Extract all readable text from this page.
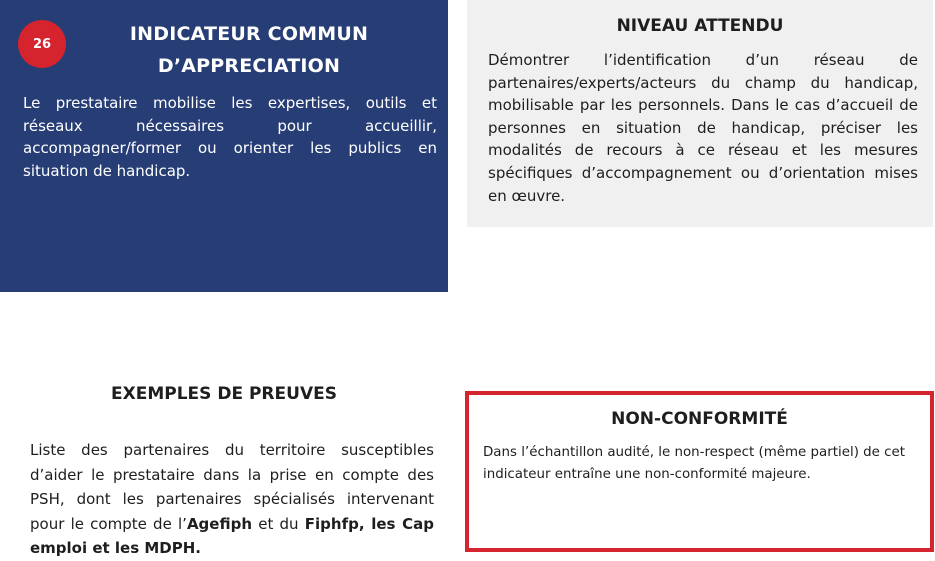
26	INDICATEUR COMMUN
D’APPRECIATION
Le prestataire mobilise les expertises, outils et réseaux nécessaires pour accueillir, accompagner/former ou orienter les publics en situation de handicap.
NIVEAU ATTENDU
Démontrer l’identification d’un réseau de partenaires/experts/acteurs du champ du handicap, mobilisable par les personnels. Dans le cas d’accueil de personnes en situation de handicap, préciser les modalités de recours à ce réseau et les mesures spécifiques d’accompagnement ou d’orientation mises en œuvre.
EXEMPLES DE PREUVES
Liste des partenaires du territoire susceptibles d’aider le prestataire dans la prise en compte des PSH, dont les partenaires spécialisés intervenant pour le compte de l’Agefiph et du Fiphfp, les Cap emploi et les MDPH.
NON-CONFORMITÉ
Dans l’échantillon audité, le non-respect (même partiel) de cet indicateur entraîne une non-conformité majeure.
